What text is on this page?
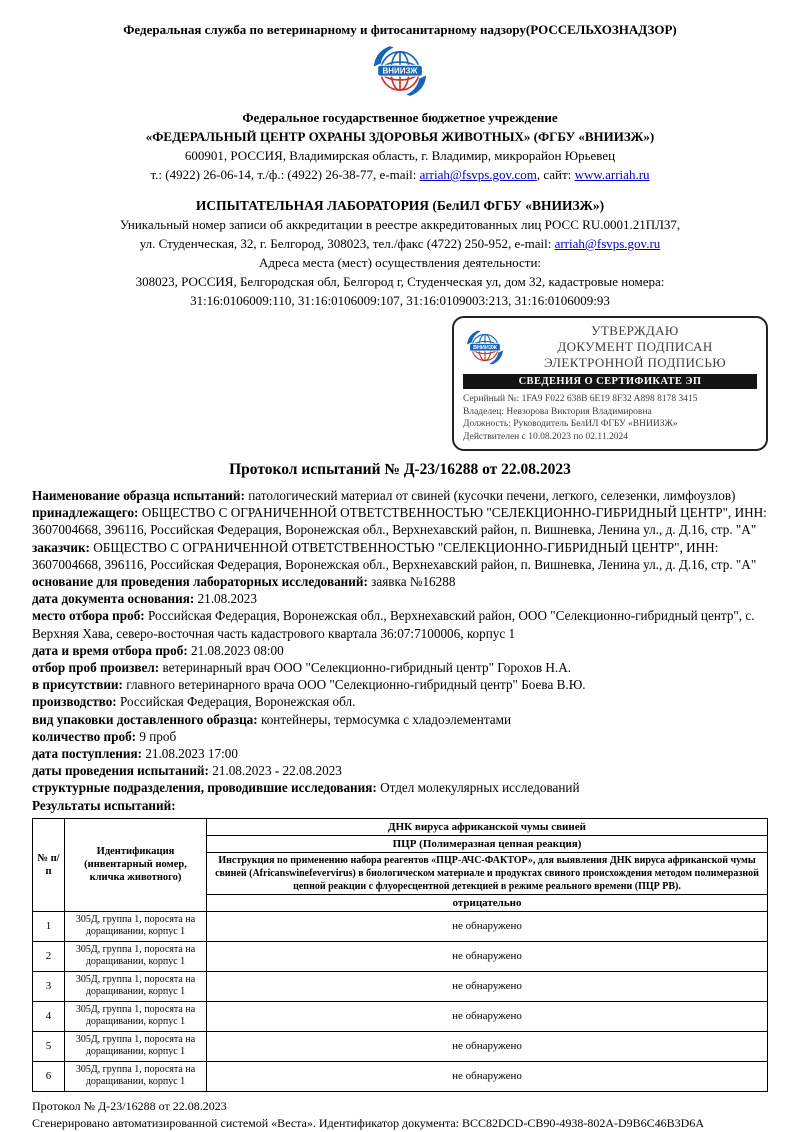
Федеральная служба по ветеринарному и фитосанитарному надзору(РОССЕЛЬХОЗНАДЗОР)
Федеральное государственное бюджетное учреждение
«ФЕДЕРАЛЬНЫЙ ЦЕНТР ОХРАНЫ ЗДОРОВЬЯ ЖИВОТНЫХ» (ФГБУ «ВНИИЗЖ»)
600901, РОССИЯ, Владимирская область, г. Владимир, микрорайон Юрьевец
т.: (4922) 26-06-14, т./ф.: (4922) 26-38-77, e-mail: arriah@fsvps.gov.com, сайт: www.arriah.ru
ИСПЫТАТЕЛЬНАЯ ЛАБОРАТОРИЯ (БелИЛ ФГБУ «ВНИИЗЖ»)
Уникальный номер записи об аккредитации в реестре аккредитованных лиц РОСС RU.0001.21ПЛ37,
ул. Студенческая, 32, г. Белгород, 308023, тел./факс (4722) 250-952, e-mail: arriah@fsvps.gov.ru
Адреса места (мест) осуществления деятельности:
308023, РОССИЯ, Белгородская обл, Белгород г, Студенческая ул, дом 32, кадастровые номера:
31:16:0106009:110, 31:16:0106009:107, 31:16:0109003:213, 31:16:0106009:93
УТВЕРЖДАЮ
ДОКУМЕНТ ПОДПИСАН
ЭЛЕКТРОННОЙ ПОДПИСЬЮ
СВЕДЕНИЯ О СЕРТИФИКАТЕ ЭП
Серийный №: 1FA9 F022 638B 6E19 8F32 A898 8178 3415
Владелец: Невзорова Виктория Владимировна
Должность: Руководитель БелИЛ ФГБУ «ВНИИЗЖ»
Действителен с 10.08.2023 по 02.11.2024
Протокол испытаний № Д-23/16288 от 22.08.2023

Наименование образца испытаний: патологический материал от свиней (кусочки печени, легкого, селезенки, лимфоузлов)

принадлежащего: ОБЩЕСТВО С ОГРАНИЧЕННОЙ ОТВЕТСТВЕННОСТЬЮ "СЕЛЕКЦИОННО-ГИБРИДНЫЙ ЦЕНТР", ИНН: 3607004668, 396116, Российская Федерация, Воронежская обл., Верхнехавский район, п. Вишневка, Ленина ул., д. Д.16, стр. "А"

заказчик: ОБЩЕСТВО С ОГРАНИЧЕННОЙ ОТВЕТСТВЕННОСТЬЮ "СЕЛЕКЦИОННО-ГИБРИДНЫЙ ЦЕНТР", ИНН: 3607004668, 396116, Российская Федерация, Воронежская обл., Верхнехавский район, п. Вишневка, Ленина ул., д. Д.16, стр. "А"

основание для проведения лабораторных исследований: заявка №16288

дата документа основания: 21.08.2023

место отбора проб: Российская Федерация, Воронежская обл., Верхнехавский район, ООО "Селекционно-гибридный центр", с. Верхняя Хава, северо-восточная часть кадастрового квартала 36:07:7100006, корпус 1

дата и время отбора проб: 21.08.2023 08:00

отбор проб произвел: ветеринарный врач ООО "Селекционно-гибридный центр" Горохов Н.А.

в присутствии: главного ветеринарного врача ООО "Селекционно-гибридный центр" Боева В.Ю.

производство: Российская Федерация, Воронежская обл.

вид упаковки доставленного образца: контейнеры, термосумка с хладоэлементами

количество проб: 9 проб

дата поступления: 21.08.2023 17:00

даты проведения испытаний: 21.08.2023 - 22.08.2023

структурные подразделения, проводившие исследования: Отдел молекулярных исследований

Результаты испытаний:

№ п/п	Идентификация (инвентарный номер, кличка животного)	ДНК вируса африканской чумы свиней
		ПЦР (Полимеразная цепная реакция)
		Инструкция по применению набора реагентов «ПЦР-АЧС-ФАКТОР», для выявления ДНК вируса африканской чумы свиней (Africanswinefevervirus) в биологическом материале и продуктах свиного происхождения методом полимеразной цепной реакции с флуоресцентной детекцией в режиме реального времени (ПЦР РВ).
		отрицательно
1	305Д, группа 1, поросята на доращивании, корпус 1	не обнаружено
2	305Д, группа 1, поросята на доращивании, корпус 1	не обнаружено
3	305Д, группа 1, поросята на доращивании, корпус 1	не обнаружено
4	305Д, группа 1, поросята на доращивании, корпус 1	не обнаружено
5	305Д, группа 1, поросята на доращивании, корпус 1	не обнаружено
6	305Д, группа 1, поросята на доращивании, корпус 1	не обнаружено
Протокол № Д-23/16288 от 22.08.2023
Сгенерировано автоматизированной системой «Веста». Идентификатор документа: BCC82DCD-CB90-4938-802A-D9B6C46B3D6A
